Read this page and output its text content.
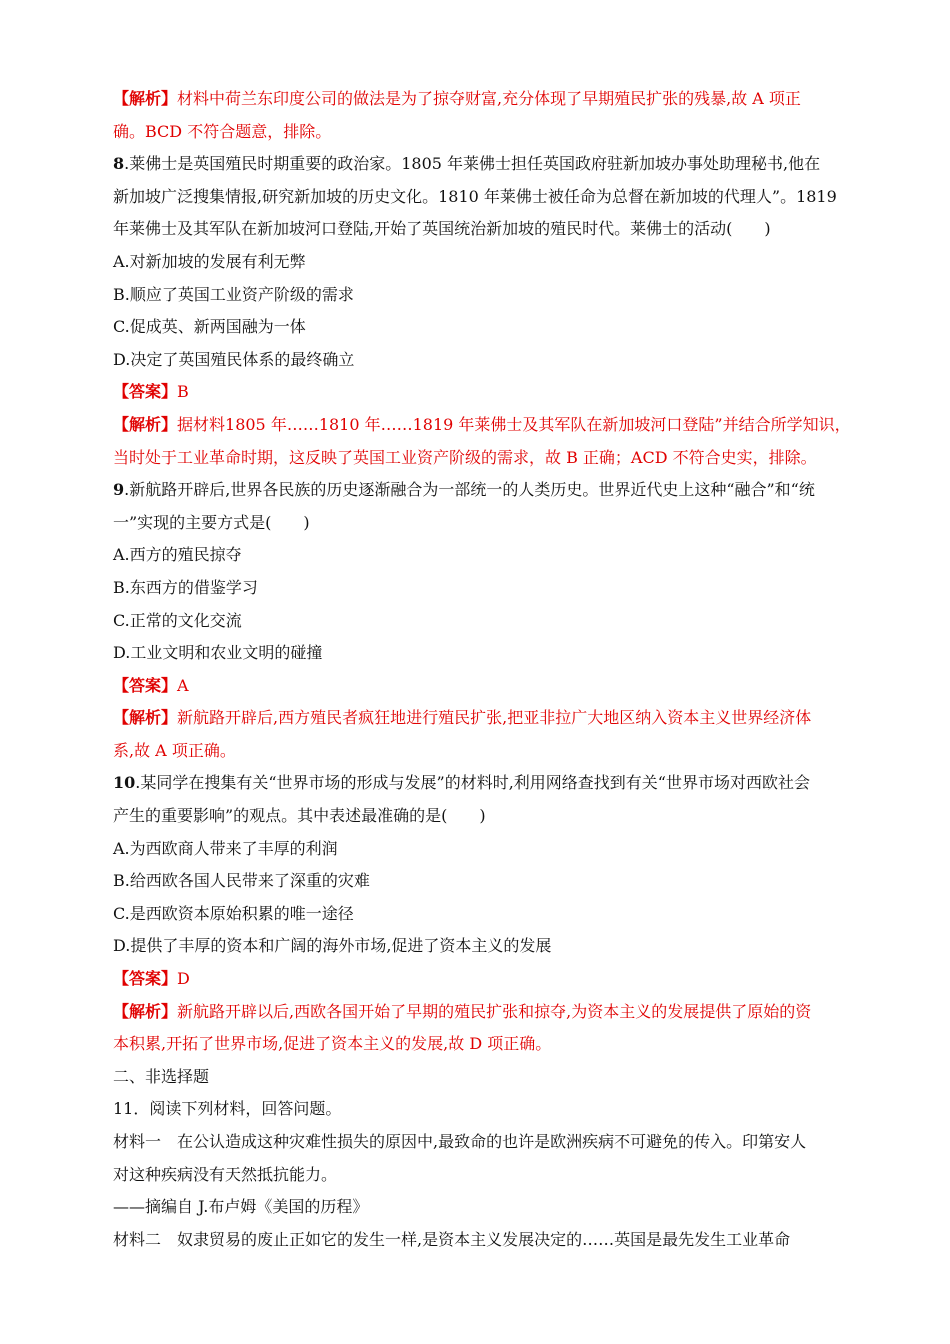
【解析】材料中荷兰东印度公司的做法是为了掠夺财富,充分体现了早期殖民扩张的残暴,故 A 项正
确。BCD 不符合题意，排除。
8.莱佛士是英国殖民时期重要的政治家。1805 年莱佛士担任英国政府驻新加坡办事处助理秘书,他在
新加坡广泛搜集情报,研究新加坡的历史文化。1810 年莱佛士被任命为总督在新加坡的代理人”。1819
年莱佛士及其军队在新加坡河口登陆,开始了英国统治新加坡的殖民时代。莱佛士的活动(　　)
A.对新加坡的发展有利无弊
B.顺应了英国工业资产阶级的需求
C.促成英、新两国融为一体
D.决定了英国殖民体系的最终确立
【答案】B
【解析】据材料1805 年……1810 年……1819 年莱佛士及其军队在新加坡河口登陆”并结合所学知识，
当时处于工业革命时期，这反映了英国工业资产阶级的需求，故 B 正确；ACD 不符合史实，排除。
9.新航路开辟后,世界各民族的历史逐渐融合为一部统一的人类历史。世界近代史上这种“融合”和“统
一”实现的主要方式是(　　)
A.西方的殖民掠夺
B.东西方的借鉴学习
C.正常的文化交流
D.工业文明和农业文明的碰撞
【答案】A
【解析】新航路开辟后,西方殖民者疯狂地进行殖民扩张,把亚非拉广大地区纳入资本主义世界经济体
系,故 A 项正确。
10.某同学在搜集有关“世界市场的形成与发展”的材料时,利用网络查找到有关“世界市场对西欧社会
产生的重要影响”的观点。其中表述最准确的是(　　)
A.为西欧商人带来了丰厚的利润
B.给西欧各国人民带来了深重的灾难
C.是西欧资本原始积累的唯一途径
D.提供了丰厚的资本和广阔的海外市场,促进了资本主义的发展
【答案】D
【解析】新航路开辟以后,西欧各国开始了早期的殖民扩张和掠夺,为资本主义的发展提供了原始的资
本积累,开拓了世界市场,促进了资本主义的发展,故 D 项正确。
二、非选择题
11．阅读下列材料，回答问题。
材料一　在公认造成这种灾难性损失的原因中,最致命的也许是欧洲疾病不可避免的传入。印第安人
对这种疾病没有天然抵抗能力。
——摘编自 J.布卢姆《美国的历程》
材料二　奴隶贸易的废止正如它的发生一样,是资本主义发展决定的……英国是最先发生工业革命
